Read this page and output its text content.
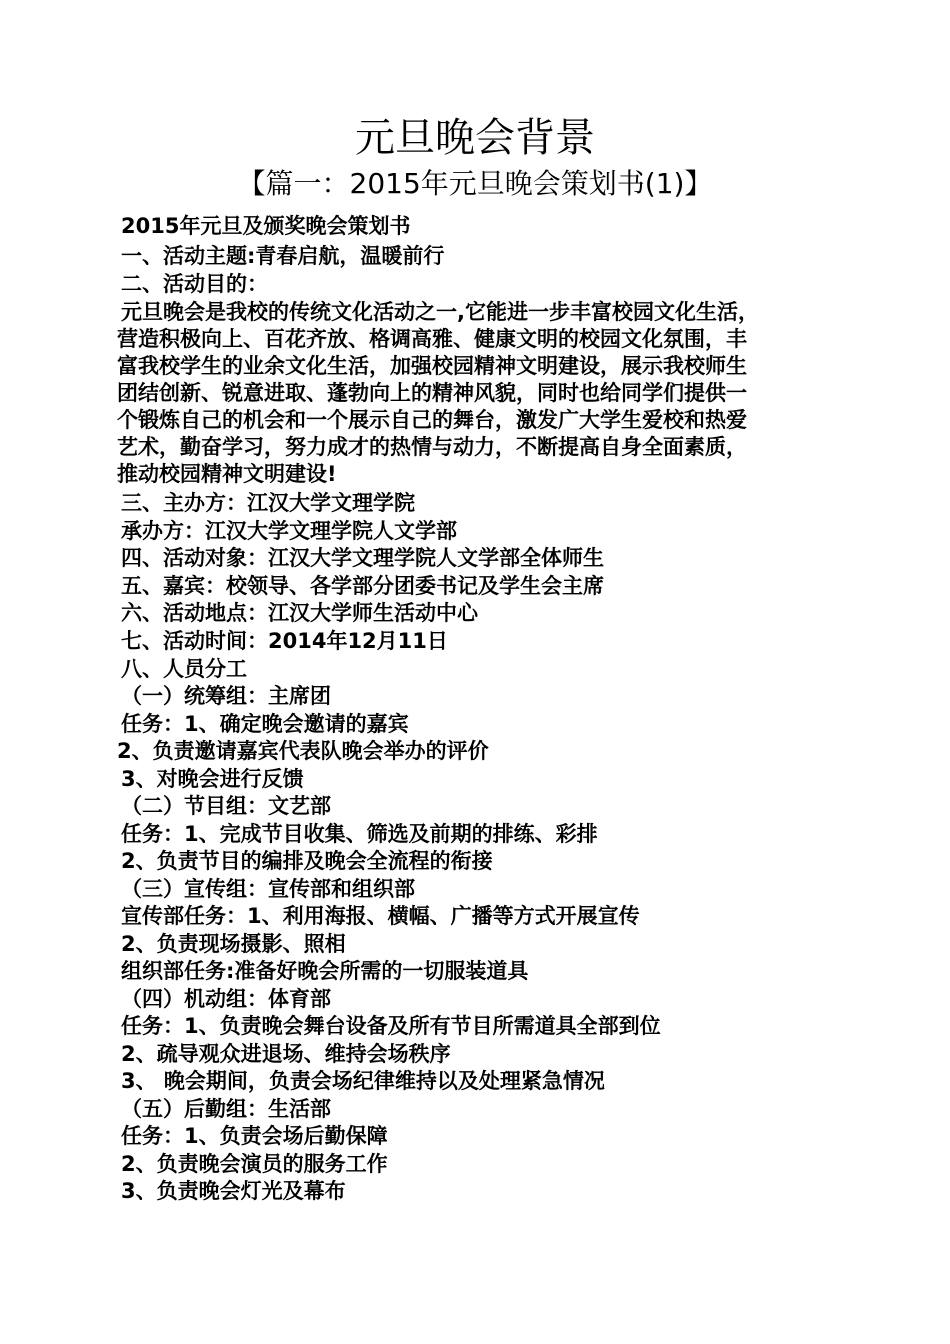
元旦晚会背景
【篇一：2015年元旦晚会策划书(1)】
2015年元旦及颁奖晚会策划书
一、活动主题:青春启航，温暖前行
二、活动目的：
元旦晚会是我校的传统文化活动之一,它能进一步丰富校园文化生活，
营造积极向上、百花齐放、格调高雅、健康文明的校园文化氛围，丰
富我校学生的业余文化生活，加强校园精神文明建设，展示我校师生
团结创新、锐意进取、蓬勃向上的精神风貌，同时也给同学们提供一
个锻炼自己的机会和一个展示自己的舞台，激发广大学生爱校和热爱
艺术，勤奋学习，努力成才的热情与动力，不断提高自身全面素质，
推动校园精神文明建设!
三、主办方：江汉大学文理学院
承办方：江汉大学文理学院人文学部
四、活动对象：江汉大学文理学院人文学部全体师生
五、嘉宾：校领导、各学部分团委书记及学生会主席
六、活动地点：江汉大学师生活动中心
七、活动时间：2014年12月11日
八、人员分工
（一）统筹组：主席团
任务：1、确定晚会邀请的嘉宾
2、负责邀请嘉宾代表队晚会举办的评价
3、对晚会进行反馈
（二）节目组：文艺部
任务：1、完成节目收集、筛选及前期的排练、彩排
2、负责节目的编排及晚会全流程的衔接
（三）宣传组：宣传部和组织部
宣传部任务：1、利用海报、横幅、广播等方式开展宣传
2、负责现场摄影、照相
组织部任务:准备好晚会所需的一切服装道具
（四）机动组：体育部
任务：1、负责晚会舞台设备及所有节目所需道具全部到位
2、疏导观众进退场、维持会场秩序
3、 晚会期间，负责会场纪律维持以及处理紧急情况
（五）后勤组：生活部
任务：1、负责会场后勤保障
2、负责晚会演员的服务工作
3、负责晚会灯光及幕布
